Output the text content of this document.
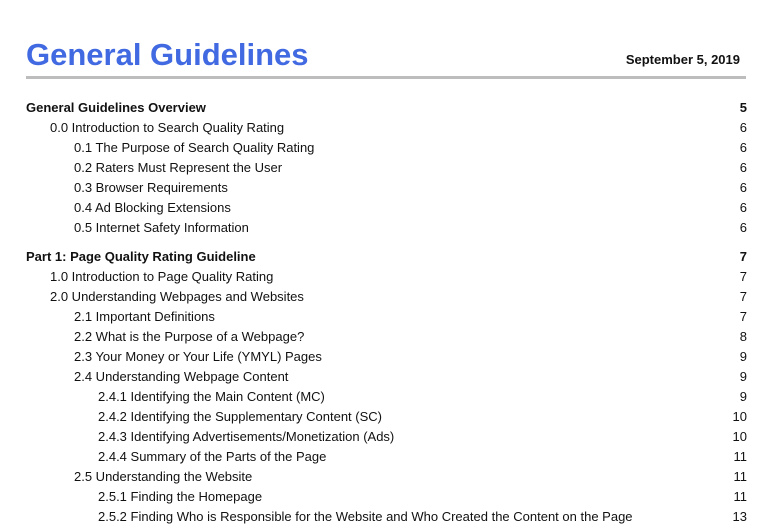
General Guidelines	September 5, 2019
General Guidelines Overview	5
0.0 Introduction to Search Quality Rating	6
0.1 The Purpose of Search Quality Rating	6
0.2 Raters Must Represent the User	6
0.3 Browser Requirements	6
0.4 Ad Blocking Extensions	6
0.5 Internet Safety Information	6
Part 1: Page Quality Rating Guideline	7
1.0 Introduction to Page Quality Rating	7
2.0 Understanding Webpages and Websites	7
2.1 Important Definitions	7
2.2 What is the Purpose of a Webpage?	8
2.3 Your Money or Your Life (YMYL) Pages	9
2.4 Understanding Webpage Content	9
2.4.1 Identifying the Main Content (MC)	9
2.4.2 Identifying the Supplementary Content (SC)	10
2.4.3 Identifying Advertisements/Monetization (Ads)	10
2.4.4 Summary of the Parts of the Page	11
2.5 Understanding the Website	11
2.5.1 Finding the Homepage	11
2.5.2 Finding Who is Responsible for the Website and Who Created the Content on the Page	13
